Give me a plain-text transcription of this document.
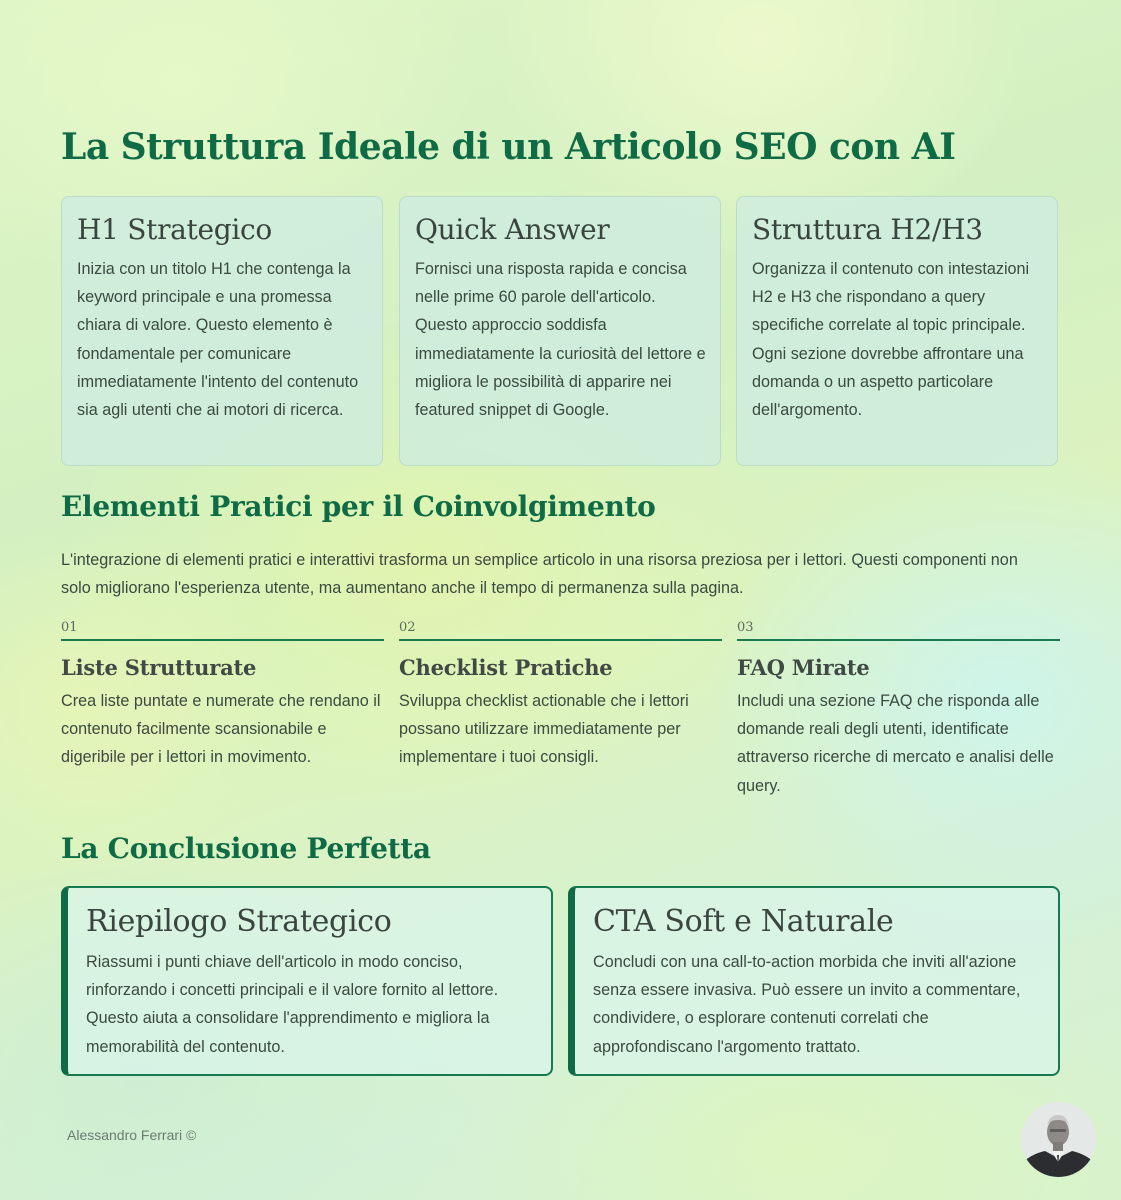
La Struttura Ideale di un Articolo SEO con AI
H1 Strategico

Inizia con un titolo H1 che contenga la keyword principale e una promessa chiara di valore. Questo elemento è fondamentale per comunicare immediatamente l'intento del contenuto sia agli utenti che ai motori di ricerca.

Quick Answer

Fornisci una risposta rapida e concisa nelle prime 60 parole dell'articolo. Questo approccio soddisfa immediatamente la curiosità del lettore e migliora le possibilità di apparire nei featured snippet di Google.

Struttura H2/H3

Organizza il contenuto con intestazioni H2 e H3 che rispondano a query specifiche correlate al topic principale. Ogni sezione dovrebbe affrontare una domanda o un aspetto particolare dell'argomento.

Elementi Pratici per il Coinvolgimento

L'integrazione di elementi pratici e interattivi trasforma un semplice articolo in una risorsa preziosa per i lettori. Questi componenti non solo migliorano l'esperienza utente, ma aumentano anche il tempo di permanenza sulla pagina.

01
Liste Strutturate

Crea liste puntate e numerate che rendano il contenuto facilmente scansionabile e digeribile per i lettori in movimento.

02
Checklist Pratiche

Sviluppa checklist actionable che i lettori possano utilizzare immediatamente per implementare i tuoi consigli.

03
FAQ Mirate

Includi una sezione FAQ che risponda alle domande reali degli utenti, identificate attraverso ricerche di mercato e analisi delle query.

La Conclusione Perfetta
Riepilogo Strategico

Riassumi i punti chiave dell'articolo in modo conciso, rinforzando i concetti principali e il valore fornito al lettore. Questo aiuta a consolidare l'apprendimento e migliora la memorabilità del contenuto.

CTA Soft e Naturale

Concludi con una call-to-action morbida che inviti all'azione senza essere invasiva. Può essere un invito a commentare, condividere, o esplorare contenuti correlati che approfondiscano l'argomento trattato.

Alessandro Ferrari ©
